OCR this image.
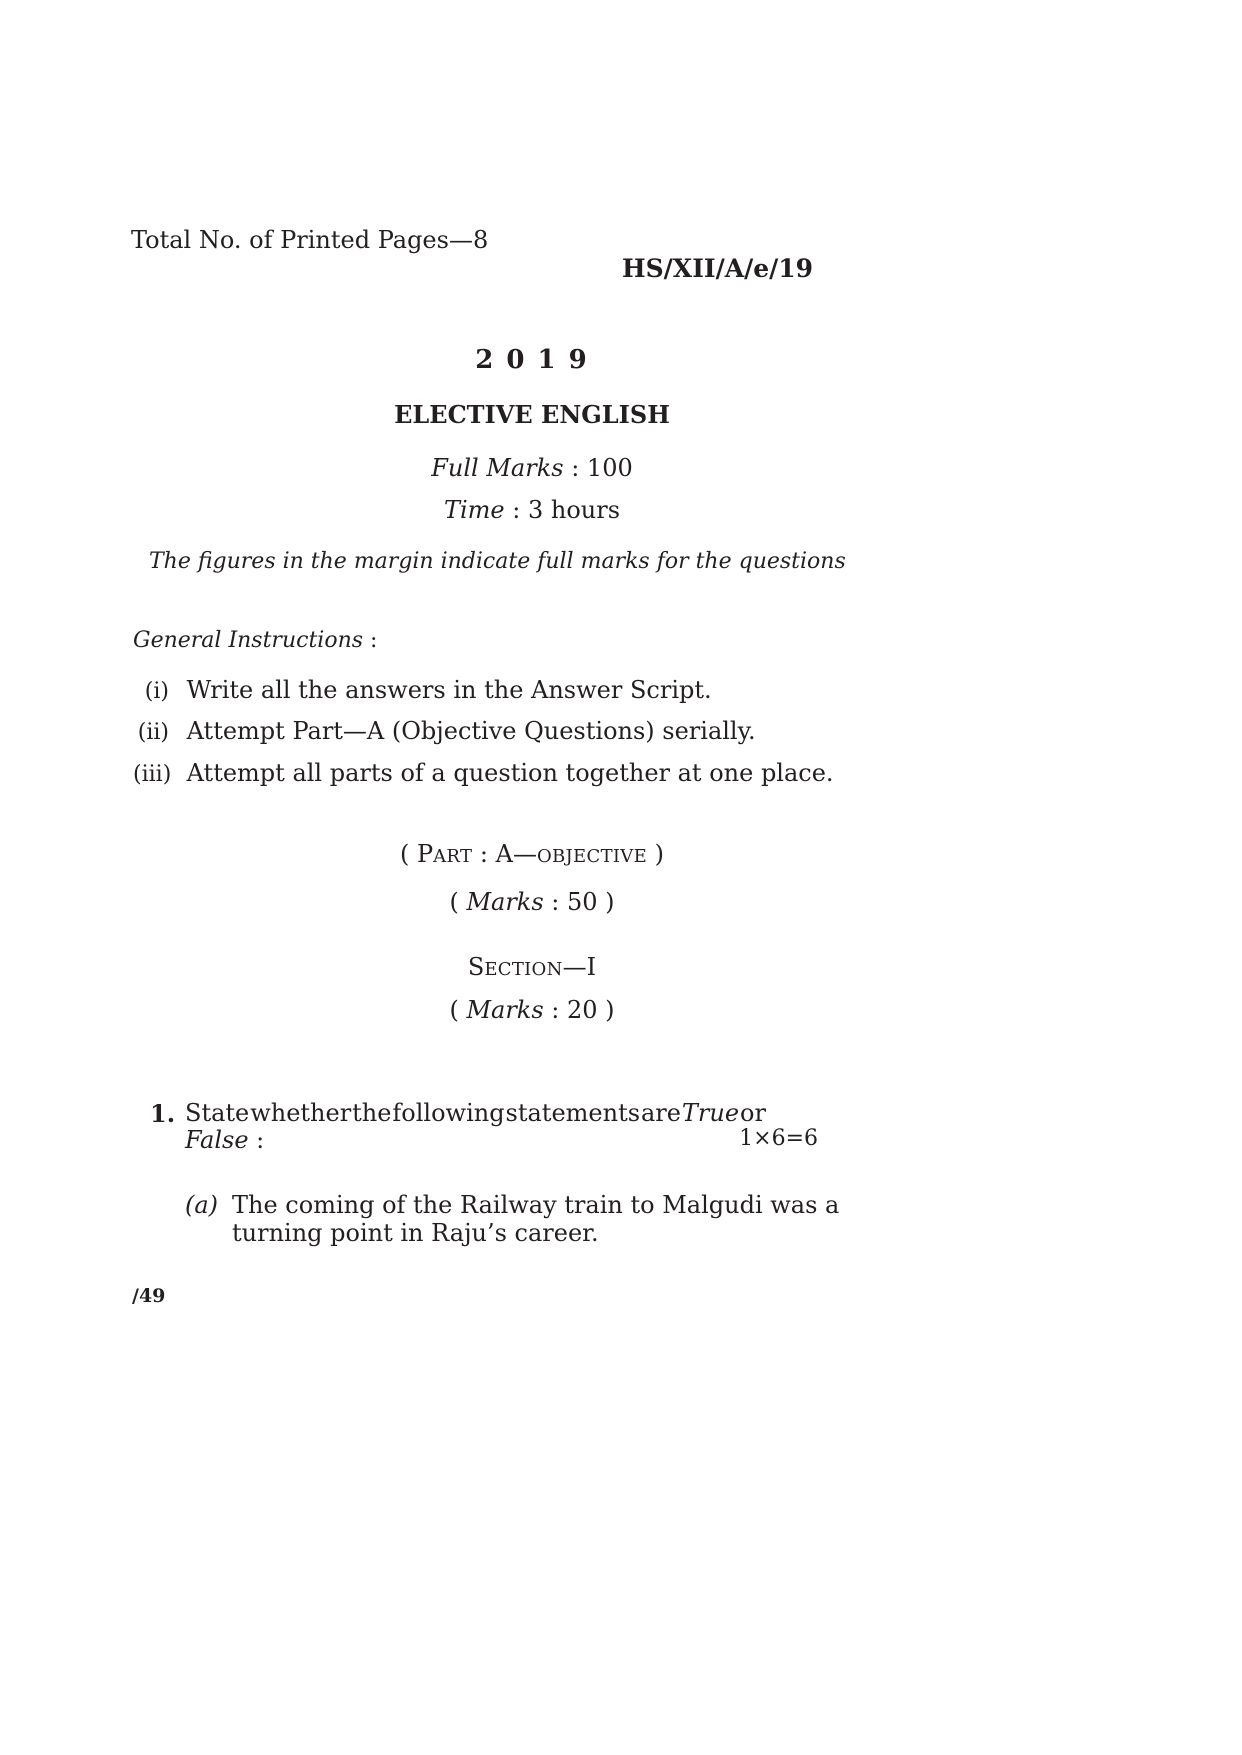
Total No. of Printed Pages—8
HS/XII/A/e/19
2 0 1 9
ELECTIVE ENGLISH
Full Marks : 100
Time : 3 hours
The figures in the margin indicate full marks for the questions
General Instructions :
(i) Write all the answers in the Answer Script.
(ii) Attempt Part—A (Objective Questions) serially.
(iii) Attempt all parts of a question together at one place.
( PART : A—OBJECTIVE )
( Marks : 50 )
SECTION—I
( Marks : 20 )
1. State whether the following statements are True or
False :	1×6=6
(a) The coming of the Railway train to Malgudi was a
turning point in Raju’s career.
/49
